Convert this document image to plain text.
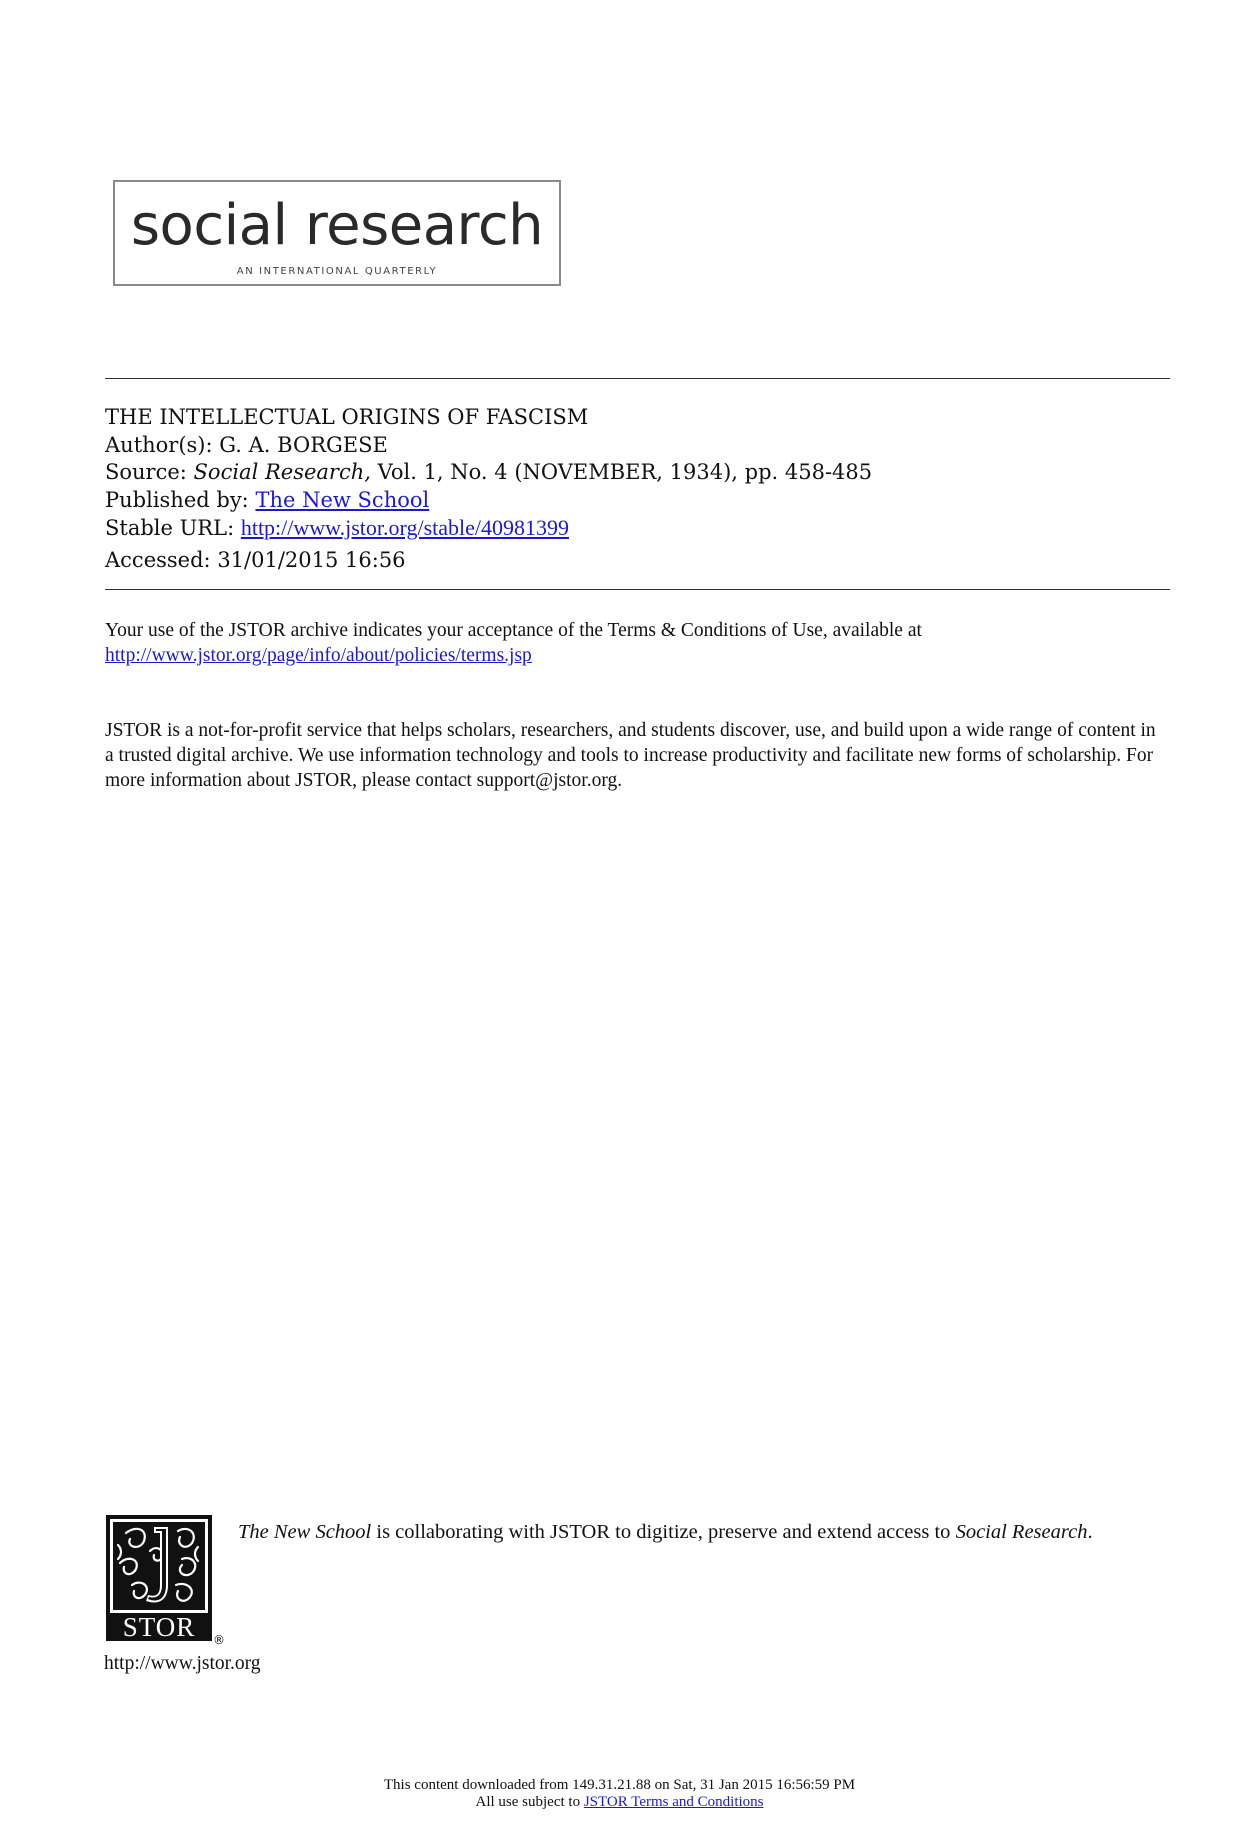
social research
AN INTERNATIONAL QUARTERLY
THE INTELLECTUAL ORIGINS OF FASCISM
Author(s): G. A. BORGESE
Source: Social Research, Vol. 1, No. 4 (NOVEMBER, 1934), pp. 458-485
Published by: The New School
Stable URL: http://www.jstor.org/stable/40981399
Accessed: 31/01/2015 16:56
Your use of the JSTOR archive indicates your acceptance of the Terms & Conditions of Use, available at
http://www.jstor.org/page/info/about/policies/terms.jsp
JSTOR is a not-for-profit service that helps scholars, researchers, and students discover, use, and build upon a wide range of content in a trusted digital archive. We use information technology and tools to increase productivity and facilitate new forms of scholarship. For more information about JSTOR, please contact support@jstor.org.
STOR ®
http://www.jstor.org
The New School is collaborating with JSTOR to digitize, preserve and extend access to Social Research.
This content downloaded from 149.31.21.88 on Sat, 31 Jan 2015 16:56:59 PM
All use subject to JSTOR Terms and Conditions
